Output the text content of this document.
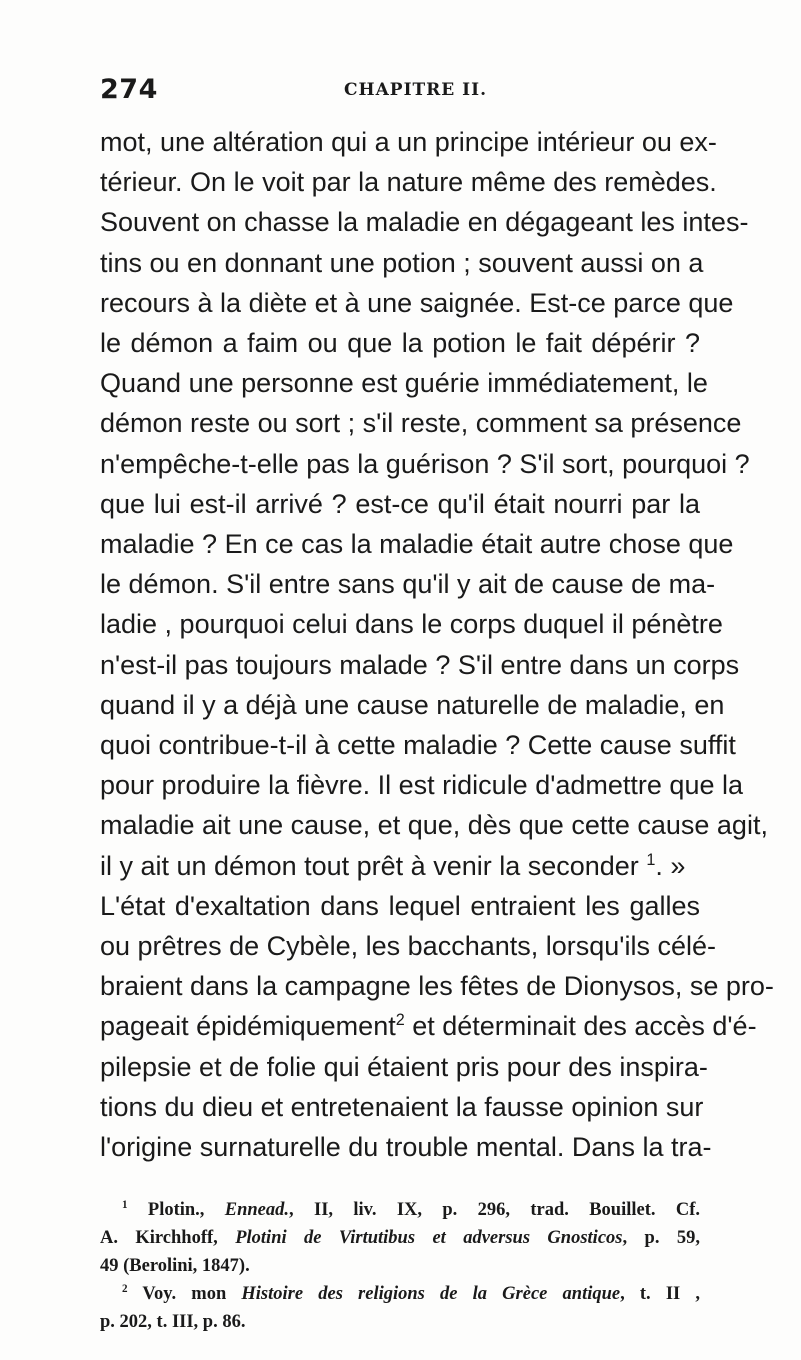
274	CHAPITRE II.
mot, une altération qui a un principe intérieur ou ex-
térieur. On le voit par la nature même des remèdes.
Souvent on chasse la maladie en dégageant les intes-
tins ou en donnant une potion ; souvent aussi on a
recours à la diète et à une saignée. Est-ce parce que
le démon a faim ou que la potion le fait dépérir ?
Quand une personne est guérie immédiatement, le
démon reste ou sort ; s'il reste, comment sa présence
n'empêche-t-elle pas la guérison ? S'il sort, pourquoi ?
que lui est-il arrivé ? est-ce qu'il était nourri par la
maladie ? En ce cas la maladie était autre chose que
le démon. S'il entre sans qu'il y ait de cause de ma-
ladie , pourquoi celui dans le corps duquel il pénètre
n'est-il pas toujours malade ? S'il entre dans un corps
quand il y a déjà une cause naturelle de maladie, en
quoi contribue-t-il à cette maladie ? Cette cause suffit
pour produire la fièvre. Il est ridicule d'admettre que la
maladie ait une cause, et que, dès que cette cause agit,
il y ait un démon tout prêt à venir la seconder $^1$. »
L'état d'exaltation dans lequel entraient les galles
ou prêtres de Cybèle, les bacchants, lorsqu'ils célé-
braient dans la campagne les fêtes de Dionysos, se pro-
pageait épidémiquement$^2$ et déterminait des accès d'é-
pilepsie et de folie qui étaient pris pour des inspira-
tions du dieu et entretenaient la fausse opinion sur
l'origine surnaturelle du trouble mental. Dans la tra-
$^1$ Plotin., Ennead., II, liv. IX, p. 296, trad. Bouillet. Cf.
A. Kirchhoff, Plotini de Virtutibus et adversus Gnosticos, p. 59,
49 (Berolini, 1847).
$^2$ Voy. mon Histoire des religions de la Grèce antique, t. II ,
p. 202, t. III, p. 86.
